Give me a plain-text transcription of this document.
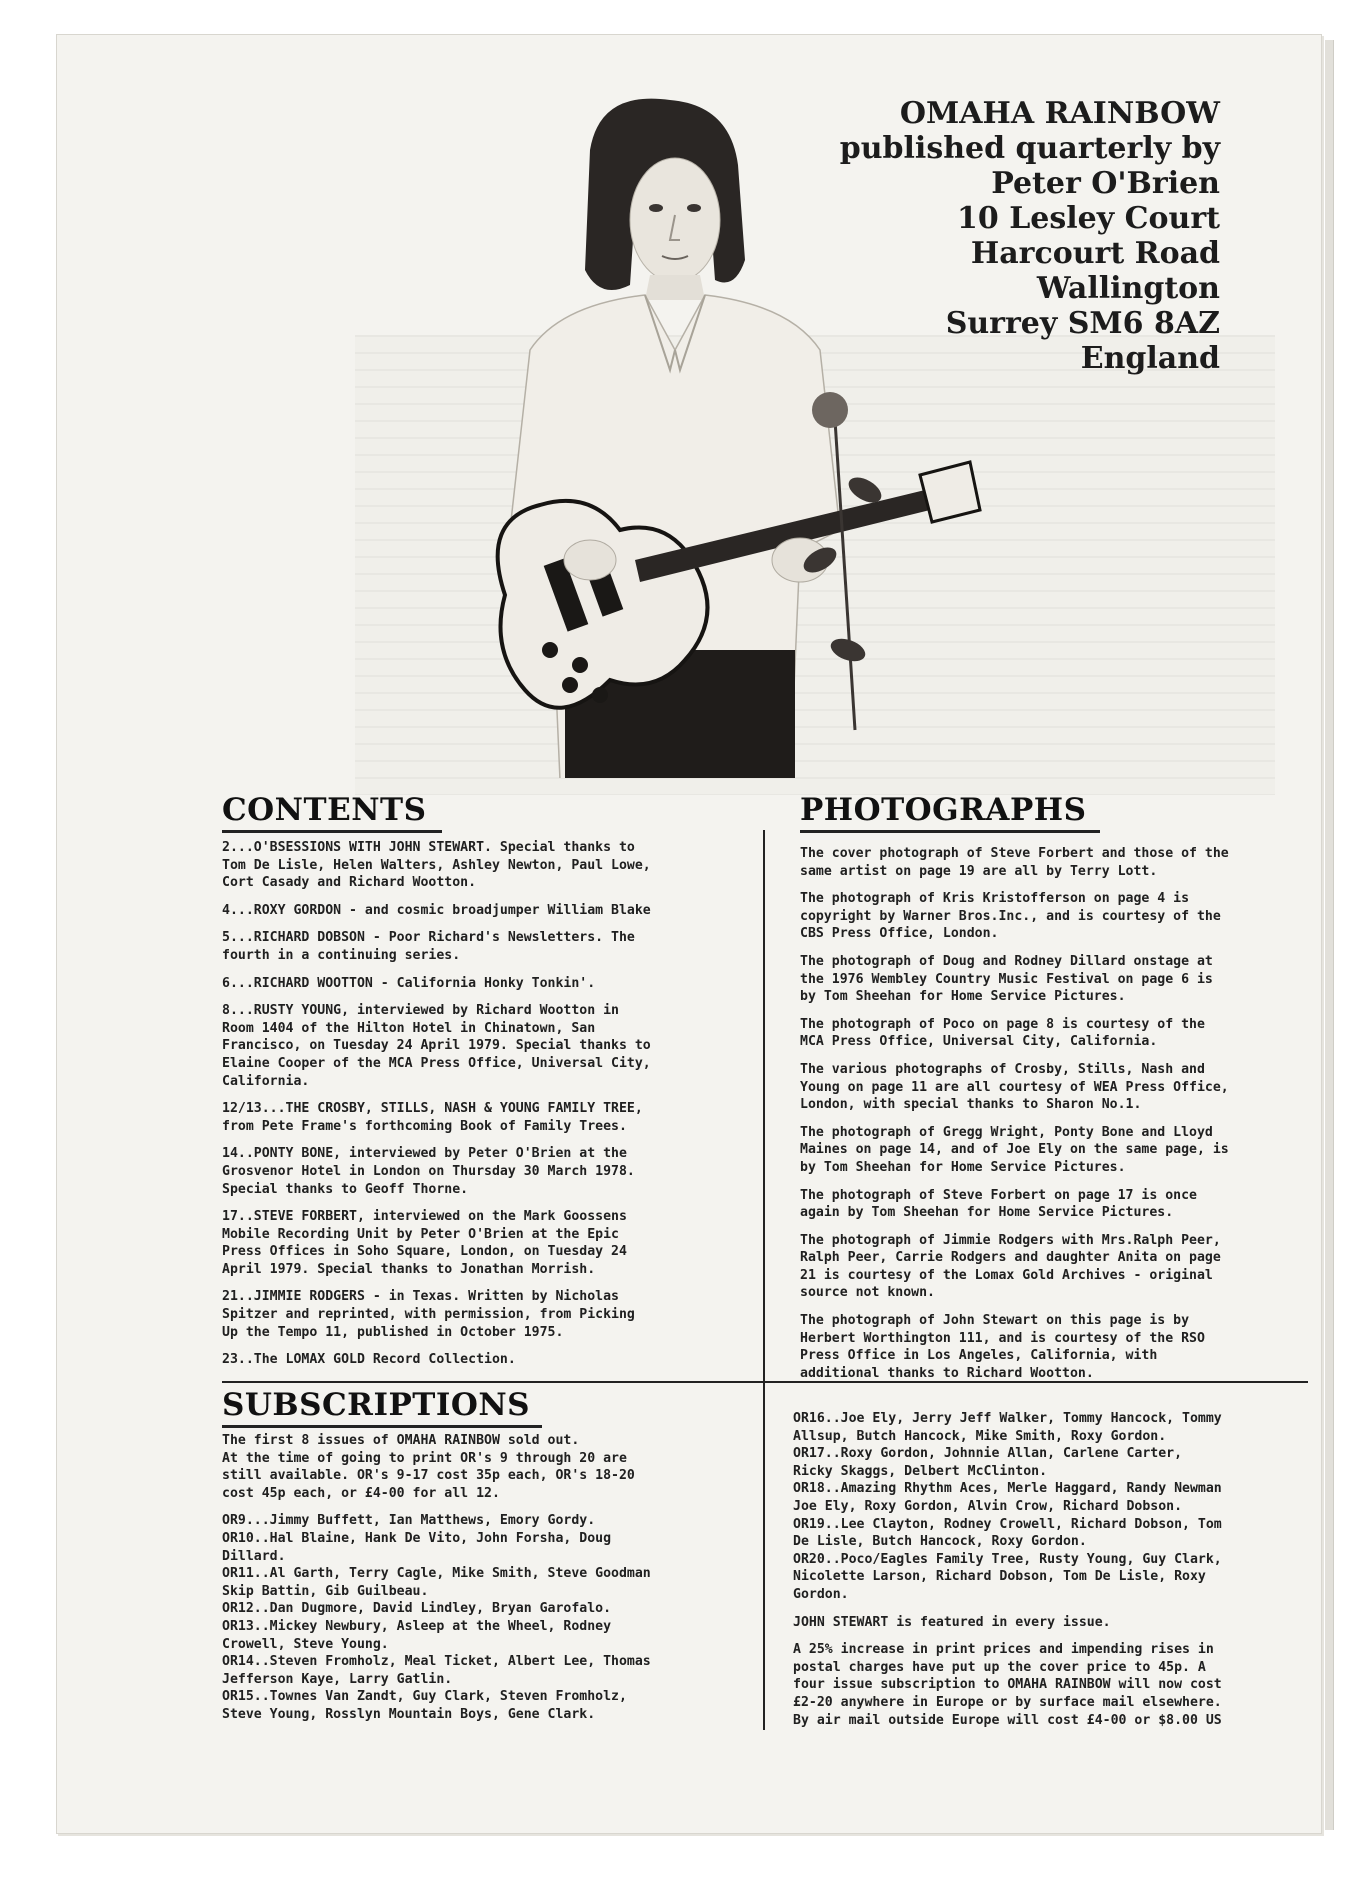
OMAHA RAINBOW
published quarterly by
Peter O'Brien
10 Lesley Court
Harcourt Road
Wallington
Surrey SM6 8AZ
England
CONTENTS

2...O'BSESSIONS WITH JOHN STEWART. Special thanks to
Tom De Lisle, Helen Walters, Ashley Newton, Paul Lowe,
Cort Casady and Richard Wootton.

4...ROXY GORDON - and cosmic broadjumper William Blake

5...RICHARD DOBSON - Poor Richard's Newsletters. The
fourth in a continuing series.

6...RICHARD WOOTTON - California Honky Tonkin'.

8...RUSTY YOUNG, interviewed by Richard Wootton in
Room 1404 of the Hilton Hotel in Chinatown, San
Francisco, on Tuesday 24 April 1979. Special thanks to
Elaine Cooper of the MCA Press Office, Universal City,
California.

12/13...THE CROSBY, STILLS, NASH & YOUNG FAMILY TREE,
from Pete Frame's forthcoming Book of Family Trees.

14..PONTY BONE, interviewed by Peter O'Brien at the
Grosvenor Hotel in London on Thursday 30 March 1978.
Special thanks to Geoff Thorne.

17..STEVE FORBERT, interviewed on the Mark Goossens
Mobile Recording Unit by Peter O'Brien at the Epic
Press Offices in Soho Square, London, on Tuesday 24
April 1979. Special thanks to Jonathan Morrish.

21..JIMMIE RODGERS - in Texas. Written by Nicholas
Spitzer and reprinted, with permission, from Picking
Up the Tempo 11, published in October 1975.

23..The LOMAX GOLD Record Collection.

PHOTOGRAPHS

The cover photograph of Steve Forbert and those of the
same artist on page 19 are all by Terry Lott.

The photograph of Kris Kristofferson on page 4 is
copyright by Warner Bros.Inc., and is courtesy of the
CBS Press Office, London.

The photograph of Doug and Rodney Dillard onstage at
the 1976 Wembley Country Music Festival on page 6 is
by Tom Sheehan for Home Service Pictures.

The photograph of Poco on page 8 is courtesy of the
MCA Press Office, Universal City, California.

The various photographs of Crosby, Stills, Nash and
Young on page 11 are all courtesy of WEA Press Office,
London, with special thanks to Sharon No.1.

The photograph of Gregg Wright, Ponty Bone and Lloyd
Maines on page 14, and of Joe Ely on the same page, is
by Tom Sheehan for Home Service Pictures.

The photograph of Steve Forbert on page 17 is once
again by Tom Sheehan for Home Service Pictures.

The photograph of Jimmie Rodgers with Mrs.Ralph Peer,
Ralph Peer, Carrie Rodgers and daughter Anita on page
21 is courtesy of the Lomax Gold Archives - original
source not known.

The photograph of John Stewart on this page is by
Herbert Worthington 111, and is courtesy of the RSO
Press Office in Los Angeles, California, with
additional thanks to Richard Wootton.

SUBSCRIPTIONS
The first 8 issues of OMAHA RAINBOW sold out.
At the time of going to print OR's 9 through 20 are
still available. OR's 9-17 cost 35p each, OR's 18-20
cost 45p each, or £4-00 for all 12.
OR9...Jimmy Buffett, Ian Matthews, Emory Gordy.
OR10..Hal Blaine, Hank De Vito, John Forsha, Doug
Dillard.
OR11..Al Garth, Terry Cagle, Mike Smith, Steve Goodman
Skip Battin, Gib Guilbeau.
OR12..Dan Dugmore, David Lindley, Bryan Garofalo.
OR13..Mickey Newbury, Asleep at the Wheel, Rodney
Crowell, Steve Young.
OR14..Steven Fromholz, Meal Ticket, Albert Lee, Thomas
Jefferson Kaye, Larry Gatlin.
OR15..Townes Van Zandt, Guy Clark, Steven Fromholz,
Steve Young, Rosslyn Mountain Boys, Gene Clark.
OR16..Joe Ely, Jerry Jeff Walker, Tommy Hancock, Tommy
Allsup, Butch Hancock, Mike Smith, Roxy Gordon.
OR17..Roxy Gordon, Johnnie Allan, Carlene Carter,
Ricky Skaggs, Delbert McClinton.
OR18..Amazing Rhythm Aces, Merle Haggard, Randy Newman
Joe Ely, Roxy Gordon, Alvin Crow, Richard Dobson.
OR19..Lee Clayton, Rodney Crowell, Richard Dobson, Tom
De Lisle, Butch Hancock, Roxy Gordon.
OR20..Poco/Eagles Family Tree, Rusty Young, Guy Clark,
Nicolette Larson, Richard Dobson, Tom De Lisle, Roxy
Gordon.
JOHN STEWART is featured in every issue.
A 25% increase in print prices and impending rises in
postal charges have put up the cover price to 45p. A
four issue subscription to OMAHA RAINBOW will now cost
£2-20 anywhere in Europe or by surface mail elsewhere.
By air mail outside Europe will cost £4-00 or $8.00 US
